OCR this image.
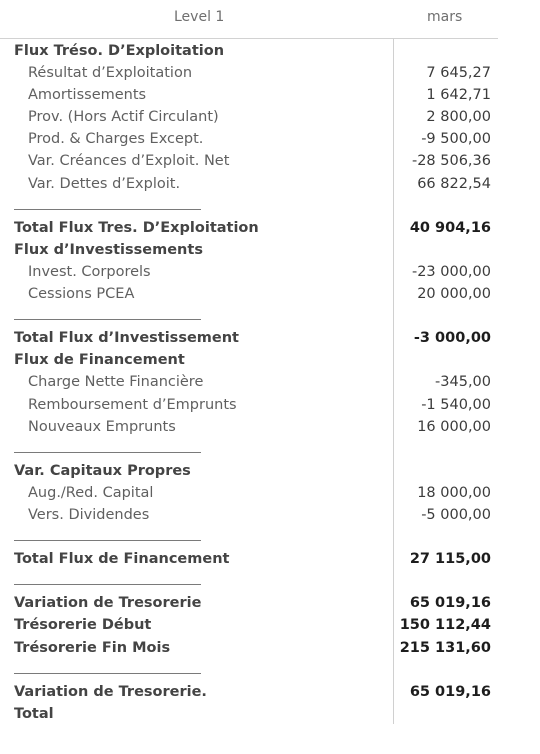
Level 1	mars
Flux Tréso. D’Exploitation
Résultat d’Exploitation	7 645,27
Amortissements	1 642,71
Prov. (Hors Actif Circulant)	2 800,00
Prod. & Charges Except.	-9 500,00
Var. Créances d’Exploit. Net	-28 506,36
Var. Dettes d’Exploit.	66 822,54
Total Flux Tres. D’Exploitation	40 904,16
Flux d’Investissements
Invest. Corporels	-23 000,00
Cessions PCEA	20 000,00
Total Flux d’Investissement	-3 000,00
Flux de Financement
Charge Nette Financière	-345,00
Remboursement d’Emprunts	-1 540,00
Nouveaux Emprunts	16 000,00
Var. Capitaux Propres
Aug./Red. Capital	18 000,00
Vers. Dividendes	-5 000,00
Total Flux de Financement	27 115,00
Variation de Tresorerie	65 019,16
Trésorerie Début	150 112,44
Trésorerie Fin Mois	215 131,60
Variation de Tresorerie.	65 019,16
Total
